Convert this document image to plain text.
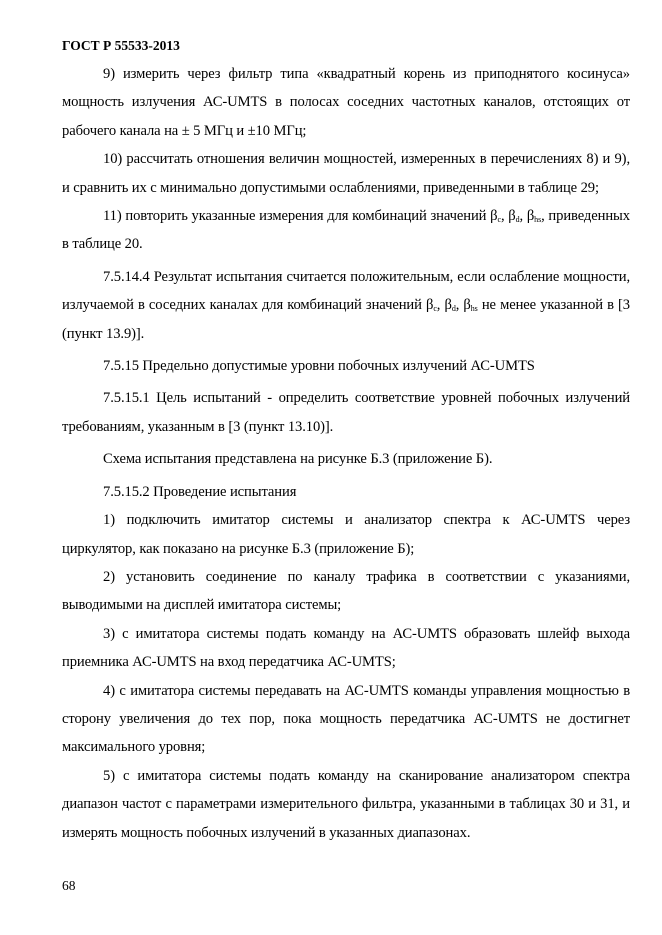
ГОСТ Р 55533-2013

9) измерить через фильтр типа «квадратный корень из приподнятого косинуса» мощность излучения АС-UMTS в полосах соседних частотных каналов, отстоящих от рабочего канала на ± 5 МГц и ±10 МГц;

10) рассчитать отношения величин мощностей, измеренных в перечислениях 8) и 9), и сравнить их с минимально допустимыми ослаблениями, приведенными в таблице 29;

11) повторить указанные измерения для комбинаций значений $\beta_c$, $\beta_d$, $\beta_{hs}$, приведенных в таблице 20.

7.5.14.4 Результат испытания считается положительным, если ослабление мощности, излучаемой в соседних каналах для комбинаций значений $\beta_c$, $\beta_d$, $\beta_{hs}$ не менее указанной в [3 (пункт 13.9)].

7.5.15 Предельно допустимые уровни побочных излучений АС-UMTS

7.5.15.1 Цель испытаний - определить соответствие уровней побочных излучений требованиям, указанным в [3 (пункт 13.10)].

Схема испытания представлена на рисунке Б.3 (приложение Б).

7.5.15.2 Проведение испытания

1) подключить имитатор системы и анализатор спектра к АС-UMTS через циркулятор, как показано на рисунке Б.3 (приложение Б);

2) установить соединение по каналу трафика в соответствии с указаниями, выводимыми на дисплей имитатора системы;

3) с имитатора системы подать команду на АС-UMTS образовать шлейф выхода приемника АС-UMTS на вход передатчика АС-UMTS;

4) с имитатора системы передавать на АС-UMTS команды управления мощностью в сторону увеличения до тех пор, пока мощность передатчика АС-UMTS не достигнет максимального уровня;

5) с имитатора системы подать команду на сканирование анализатором спектра диапазон частот с параметрами измерительного фильтра, указанными в таблицах 30 и 31, и измерять мощность побочных излучений в указанных диапазонах.

68
